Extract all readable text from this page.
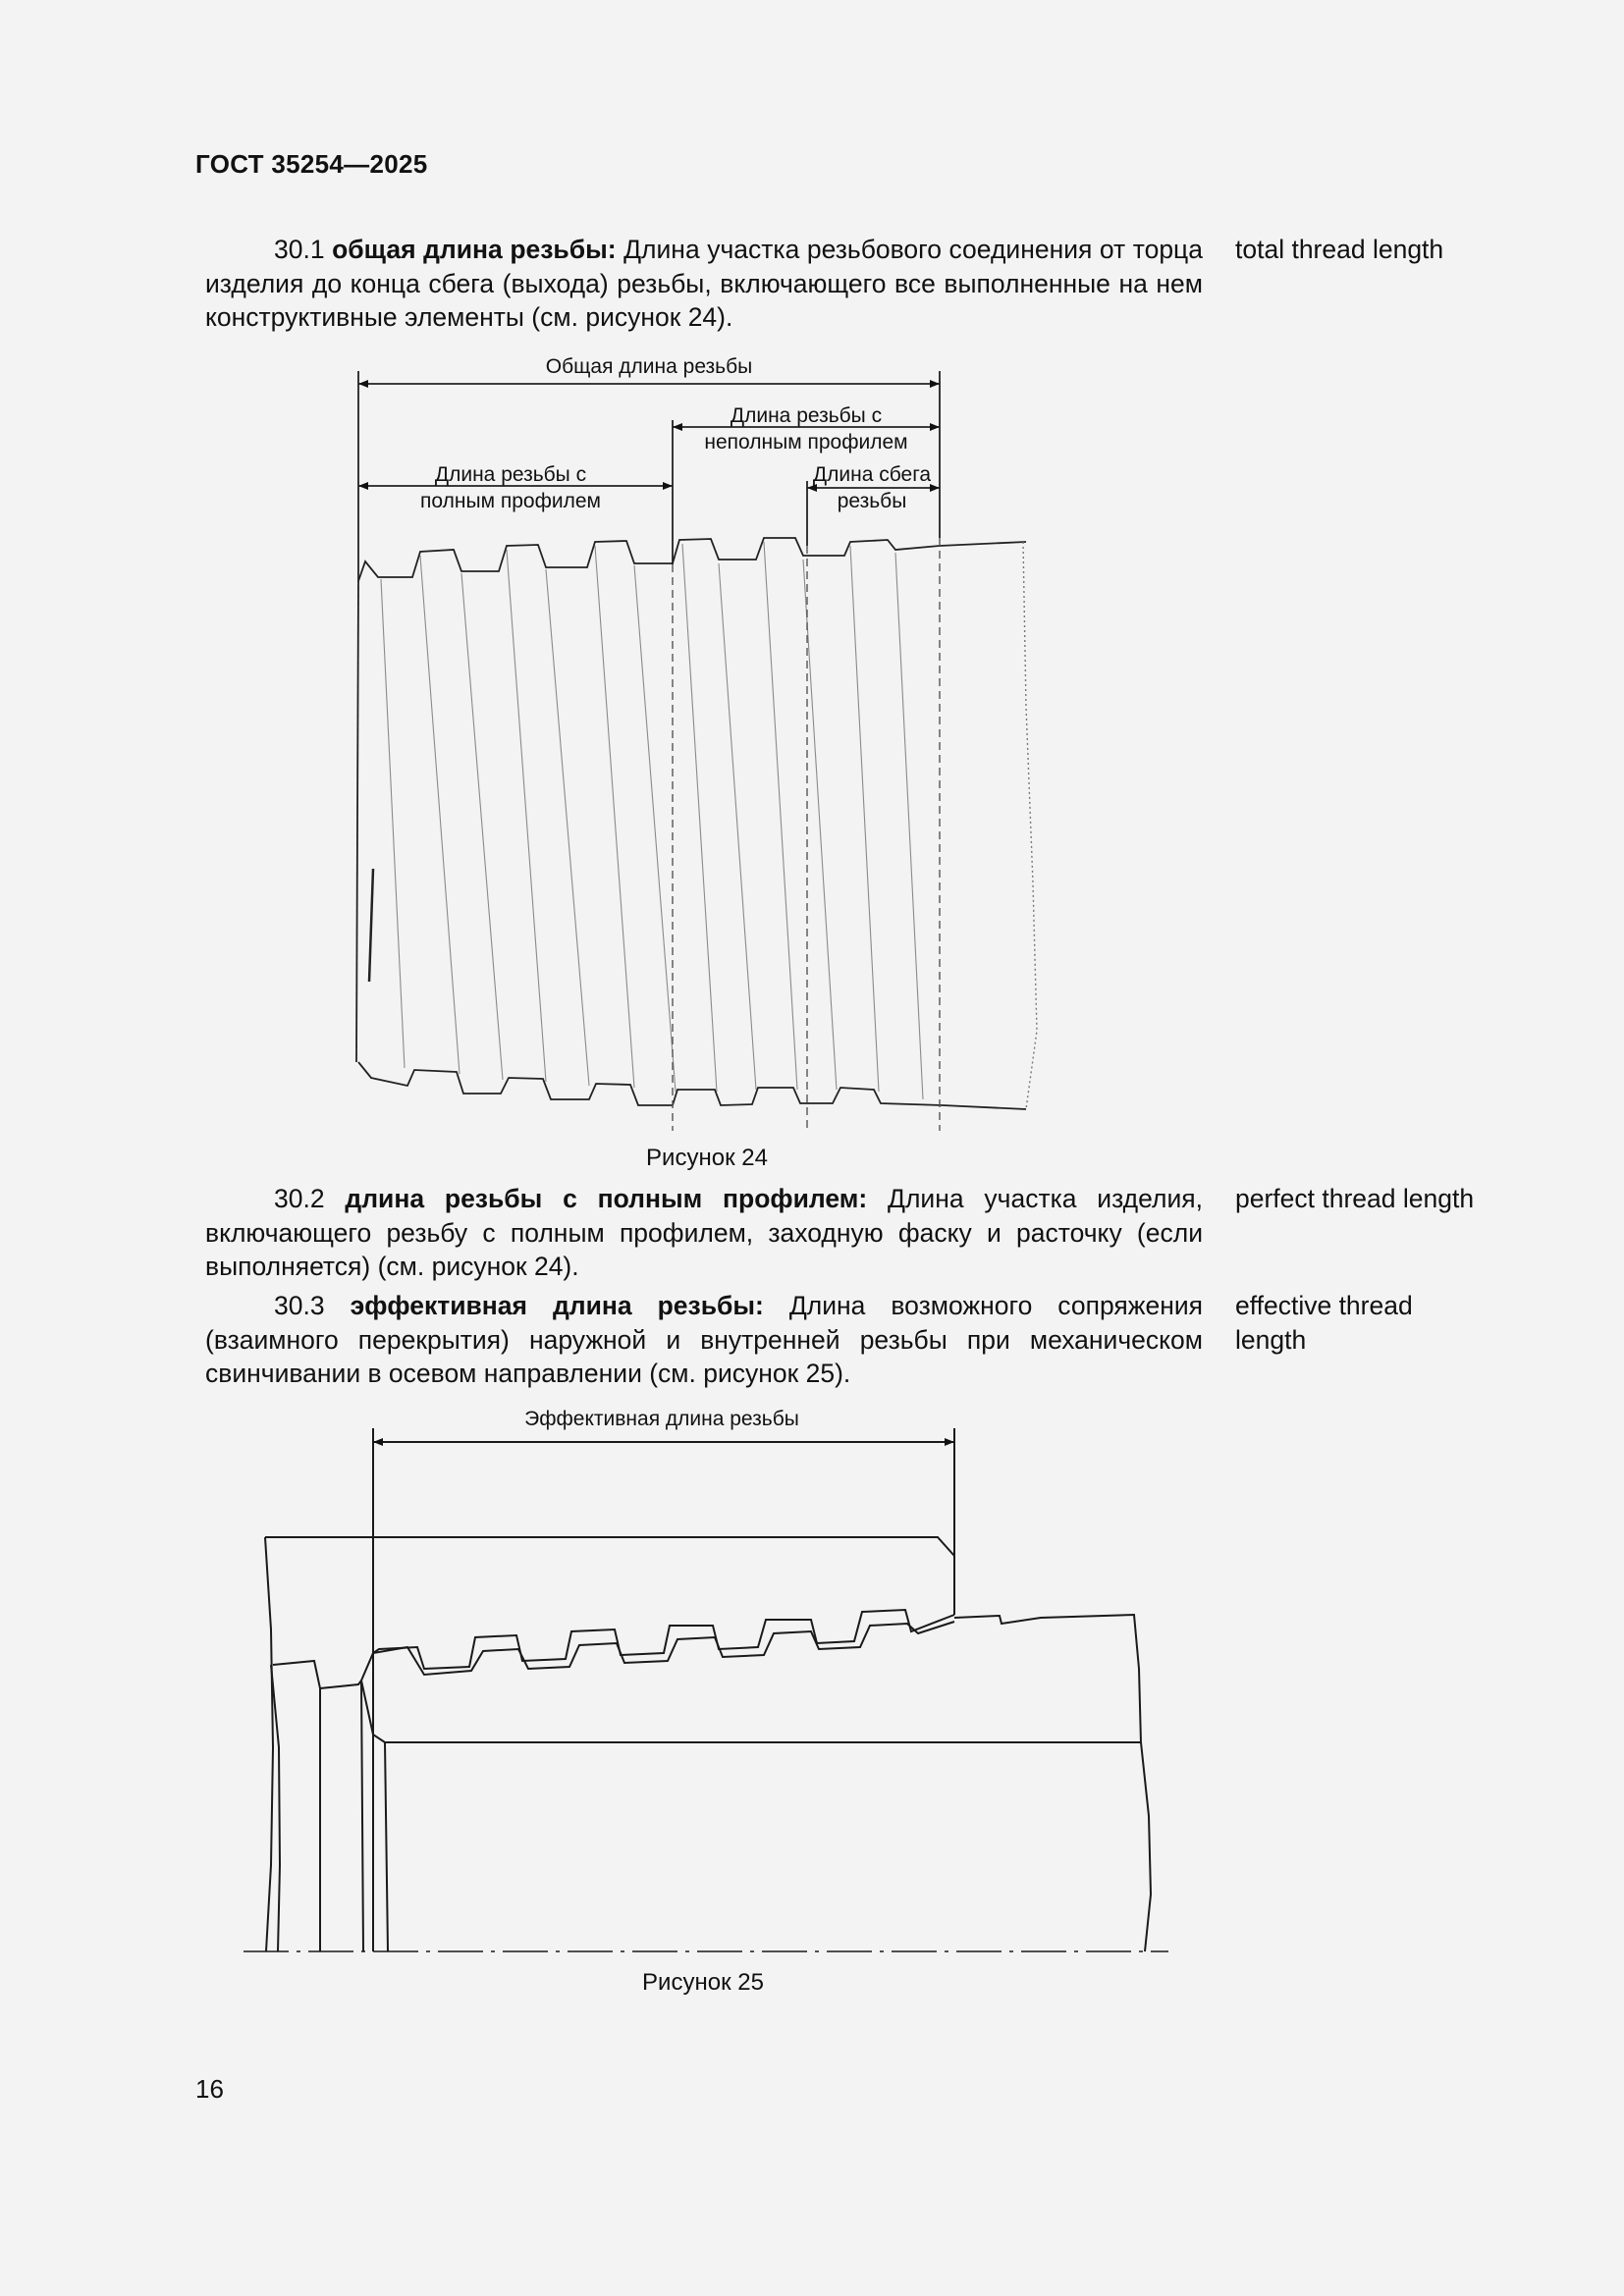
ГОСТ 35254—2025
30.1 общая длина резьбы: Длина участка резьбового соединения от торца изделия до конца сбега (выхода) резьбы, включающего все выполненные на нем конструктивные элементы (см. рисунок 24).
total thread length
Общая длина резьбы
Длина резьбы с
неполным профилем
Длина резьбы с
полным профилем
Длина сбега
резьбы
Рисунок 24
30.2 длина резьбы с полным профилем: Длина участка изделия, включающего резьбу с полным профилем, заходную фаску и расточку (если выполняется) (см. рисунок 24).
perfect thread length
30.3 эффективная длина резьбы: Длина возможного сопряжения (взаимного перекрытия) наружной и внутренней резьбы при механическом свинчивании в осевом направлении (см. рисунок 25).
effective thread
length
Эффективная длина резьбы
Рисунок 25
16
